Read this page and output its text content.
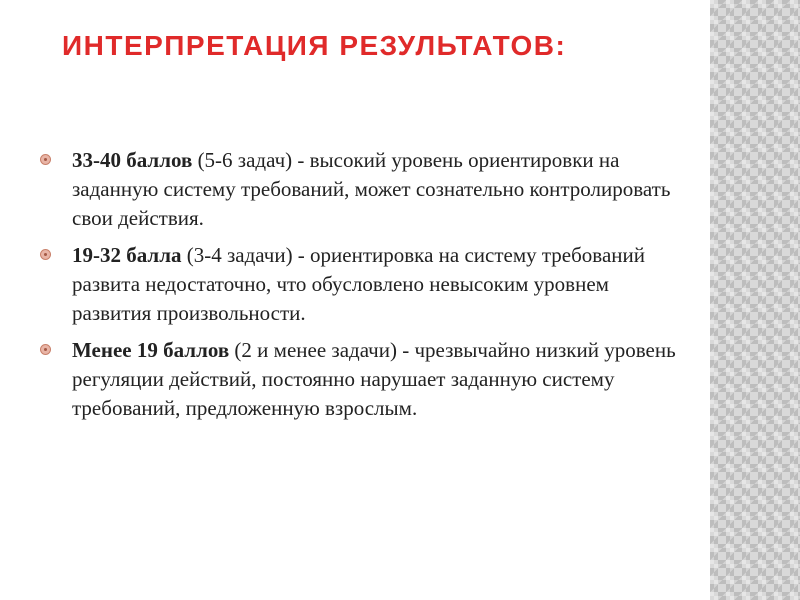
ИНТЕРПРЕТАЦИЯ РЕЗУЛЬТАТОВ:
33-40 баллов (5-6 задач) - высокий уровень ориентировки на заданную систему требований, может сознательно контролировать свои действия.
19-32 балла (3-4 задачи) - ориентировка на систему требований развита недостаточно, что обусловлено невысоким уровнем развития произвольности.
Менее 19 баллов (2 и менее задачи) - чрезвычайно низкий уровень регуляции действий, постоянно нарушает заданную систему требований, предложенную взрослым.
